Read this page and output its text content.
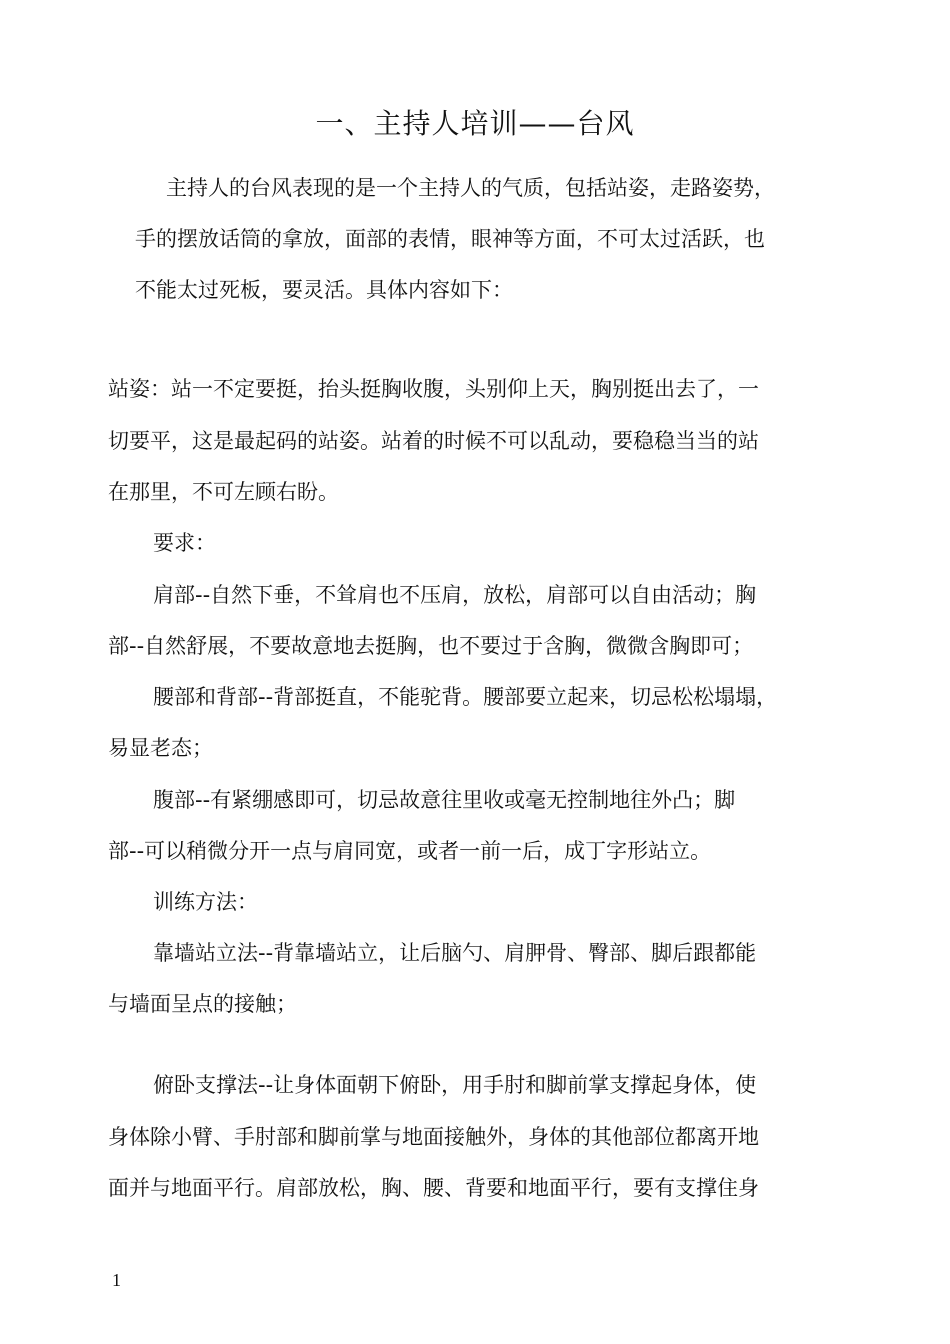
一、主持人培训——台风
主持人的台风表现的是一个主持人的气质，包括站姿，走路姿势，
手的摆放话筒的拿放，面部的表情，眼神等方面，不可太过活跃，也
不能太过死板，要灵活。具体内容如下：
站姿：站一不定要挺，抬头挺胸收腹，头别仰上天，胸别挺出去了，一
切要平，这是最起码的站姿。站着的时候不可以乱动，要稳稳当当的站
在那里，不可左顾右盼。
要求：
肩部--自然下垂，不耸肩也不压肩，放松，肩部可以自由活动；胸
部--自然舒展，不要故意地去挺胸，也不要过于含胸，微微含胸即可；
腰部和背部--背部挺直，不能驼背。腰部要立起来，切忌松松塌塌，
易显老态；
腹部--有紧绷感即可，切忌故意往里收或毫无控制地往外凸；脚
部--可以稍微分开一点与肩同宽，或者一前一后，成丁字形站立。
训练方法：
靠墙站立法--背靠墙站立，让后脑勺、肩胛骨、臀部、脚后跟都能
与墙面呈点的接触；
俯卧支撑法--让身体面朝下俯卧，用手肘和脚前掌支撑起身体，使
身体除小臂、手肘部和脚前掌与地面接触外，身体的其他部位都离开地
面并与地面平行。肩部放松，胸、腰、背要和地面平行，要有支撑住身
1
